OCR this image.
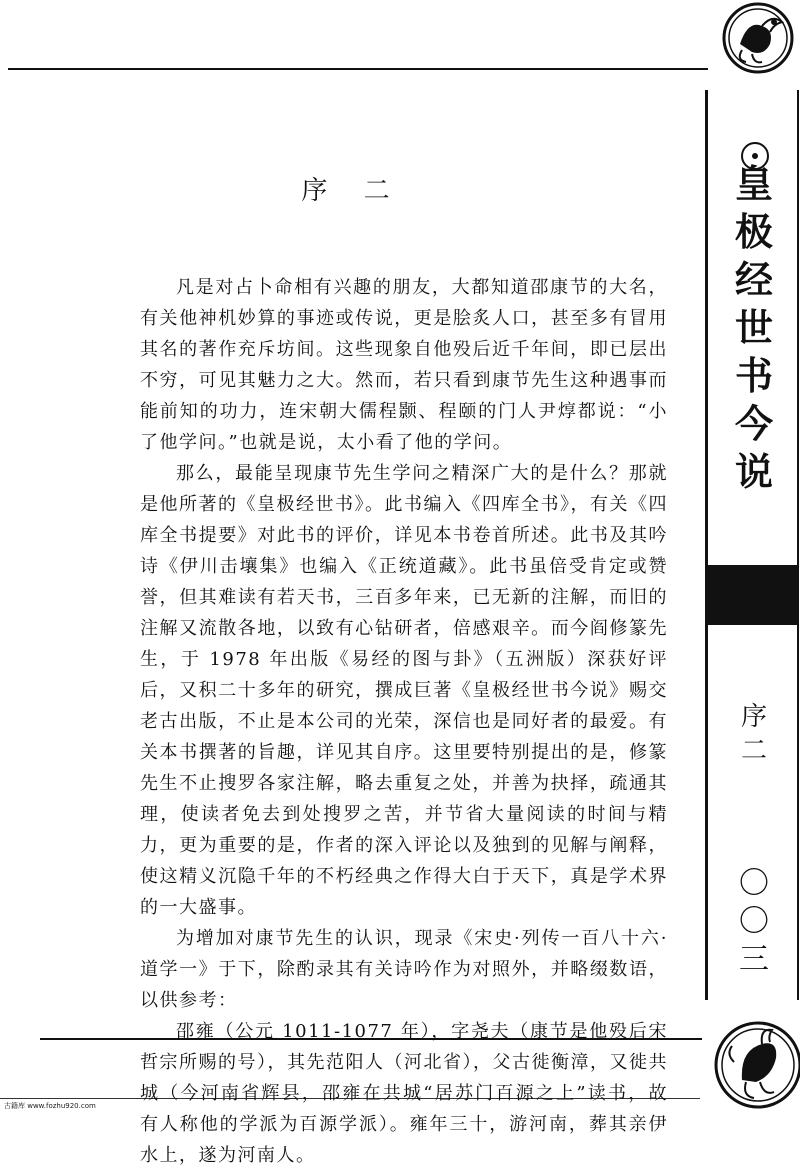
皇
极
经
世
书
今
说
序
二
〇
〇
三
序 二

凡是对占卜命相有兴趣的朋友，大都知道邵康节的大名，有关他神机妙算的事迹或传说，更是脍炙人口，甚至多有冒用其名的著作充斥坊间。这些现象自他殁后近千年间，即已层出不穷，可见其魅力之大。然而，若只看到康节先生这种遇事而能前知的功力，连宋朝大儒程颢、程颐的门人尹焞都说：“小了他学问。”也就是说，太小看了他的学问。

那么，最能呈现康节先生学问之精深广大的是什么？那就是他所著的《皇极经世书》。此书编入《四库全书》，有关《四库全书提要》对此书的评价，详见本书卷首所述。此书及其吟诗《伊川击壤集》也编入《正统道藏》。此书虽倍受肯定或赞誉，但其难读有若天书，三百多年来，已无新的注解，而旧的注解又流散各地，以致有心钻研者，倍感艰辛。而今阎修篆先生，于 1978 年出版《易经的图与卦》（五洲版）深获好评后，又积二十多年的研究，撰成巨著《皇极经世书今说》赐交老古出版，不止是本公司的光荣，深信也是同好者的最爱。有关本书撰著的旨趣，详见其自序。这里要特别提出的是，修篆先生不止搜罗各家注解，略去重复之处，并善为抉择，疏通其理，使读者免去到处搜罗之苦，并节省大量阅读的时间与精力，更为重要的是，作者的深入评论以及独到的见解与阐释，使这精义沉隐千年的不朽经典之作得大白于天下，真是学术界的一大盛事。

为增加对康节先生的认识，现录《宋史·列传一百八十六·道学一》于下，除酌录其有关诗吟作为对照外，并略缀数语，以供参考：

邵雍（公元 1011-1077 年），字尧夫（康节是他殁后宋哲宗所赐的号），其先范阳人（河北省），父古徙衡漳，又徙共城（今河南省辉县，邵雍在共城“居苏门百源之上”读书，故有人称他的学派为百源学派）。雍年三十，游河南，葬其亲伊水上，遂为河南人。

古籍库 www.fozhu920.com
